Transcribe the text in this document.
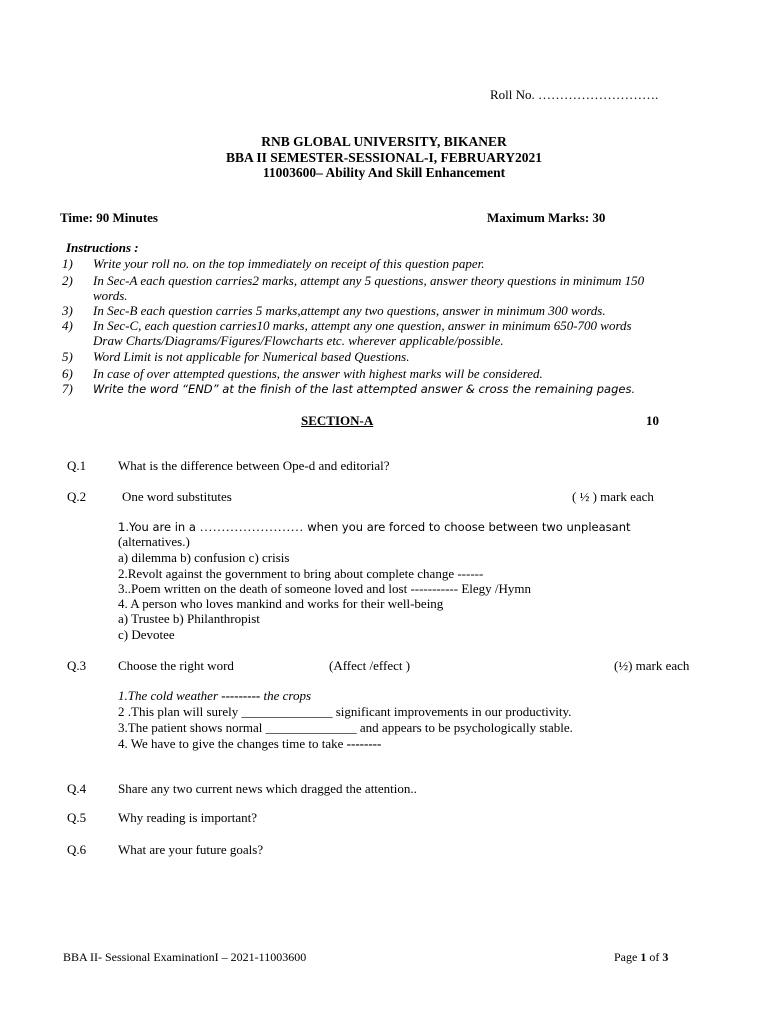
Roll No. ……………………….
RNB GLOBAL UNIVERSITY, BIKANER
BBA II SEMESTER-SESSIONAL-I, FEBRUARY2021
11003600– Ability And Skill Enhancement
Time: 90 Minutes	Maximum Marks: 30
Instructions :
1) Write your roll no. on the top immediately on receipt of this question paper.
2) In Sec-A each question carries2 marks, attempt any 5 questions, answer theory questions in minimum 150
words.
3) In Sec-B each question carries 5 marks,attempt any two questions, answer in minimum 300 words.
4) In Sec-C, each question carries10 marks, attempt any one question, answer in minimum 650-700 words
Draw Charts/Diagrams/Figures/Flowcharts etc. wherever applicable/possible.
5) Word Limit is not applicable for Numerical based Questions.
6) In case of over attempted questions, the answer with highest marks will be considered.
7) Write the word “END” at the finish of the last attempted answer & cross the remaining pages.
SECTION-A	10
Q.1 What is the difference between Ope-d and editorial?
Q.2	One word substitutes	( ½ ) mark each
1.You are in a …………………… when you are forced to choose between two unpleasant
(alternatives.)
a) dilemma b) confusion c) crisis
2.Revolt against the government to bring about complete change ------
3..Poem written on the death of someone loved and lost ----------- Elegy /Hymn
4. A person who loves mankind and works for their well-being
a) Trustee b) Philanthropist
c) Devotee
Q.3 Choose the right word	(Affect /effect )	(½) mark each
1.The cold weather --------- the crops
2 .This plan will surely ______________ significant improvements in our productivity.
3.The patient shows normal ______________ and appears to be psychologically stable.
4. We have to give the changes time to take --------
Q.4 Share any two current news which dragged the attention..
Q.5 Why reading is important?
Q.6 What are your future goals?
BBA II- Sessional ExaminationI – 2021-11003600	Page 1 of 3
